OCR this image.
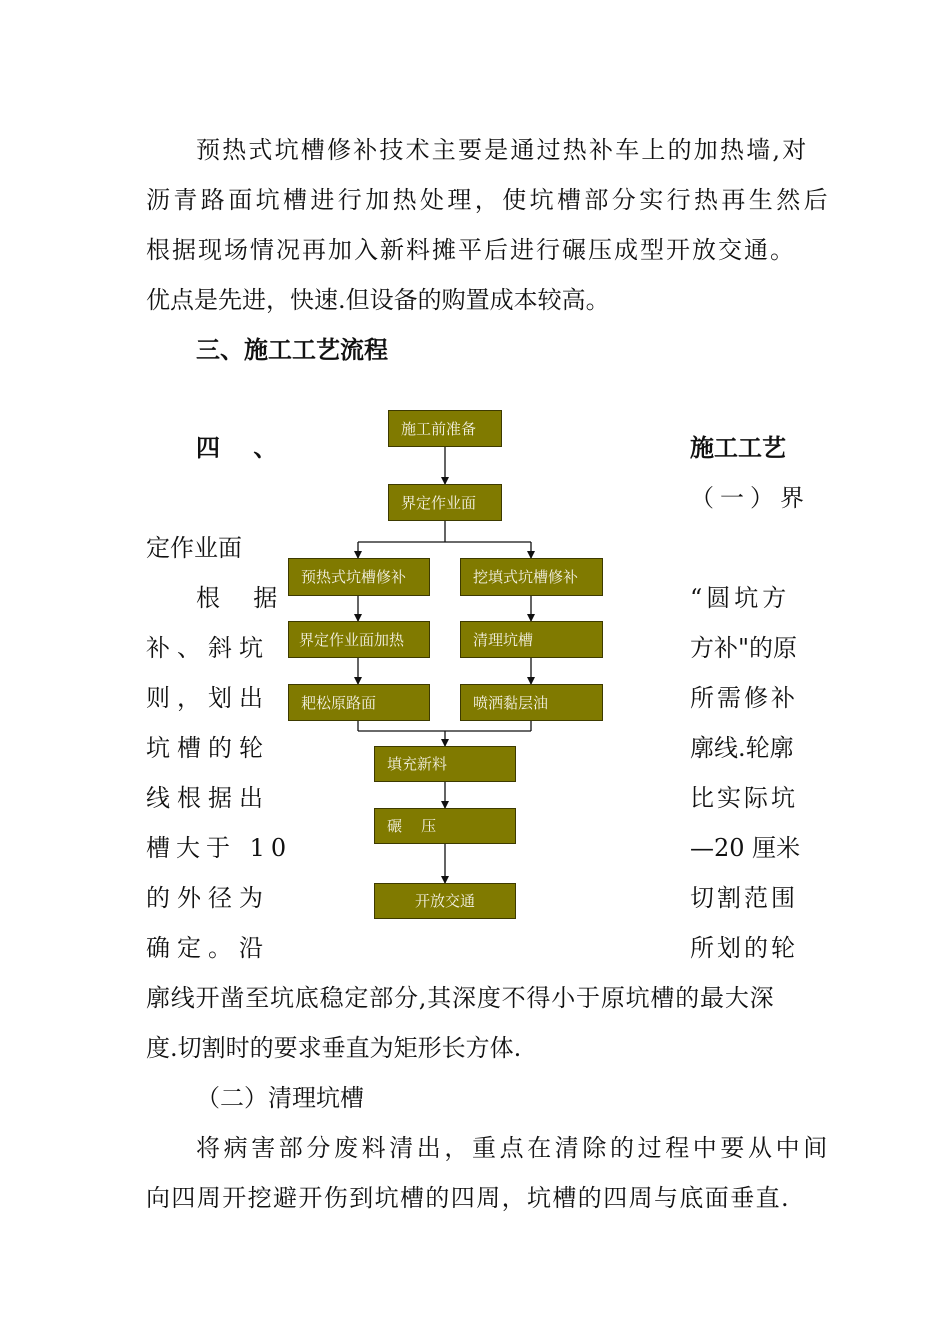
预热式坑槽修补技术主要是通过热补车上的加热墙,对
沥青路面坑槽进行加热处理，使坑槽部分实行热再生然后
根据现场情况再加入新料摊平后进行碾压成型开放交通。
优点是先进，快速.但设备的购置成本较高。
三、施工工艺流程
四    、	施工工艺
（一）界
定作业面
根  据
补、斜坑
则，划出
坑槽的轮
线根据出
槽大于 10
的外径为
确定。沿
“圆坑方
方补"的原
所需修补
廓线.轮廓
比实际坑
—20 厘米
切割范围
所划的轮
廓线开凿至坑底稳定部分,其深度不得小于原坑槽的最大深
度.切割时的要求垂直为矩形长方体.
（二）清理坑槽
将病害部分废料清出，重点在清除的过程中要从中间
向四周开挖避开伤到坑槽的四周，坑槽的四周与底面垂直.
施工前准备
界定作业面
预热式坑槽修补	挖填式坑槽修补
界定作业面加热	清理坑槽
耙松原路面	喷洒黏层油
填充新料
碾    压
开放交通
